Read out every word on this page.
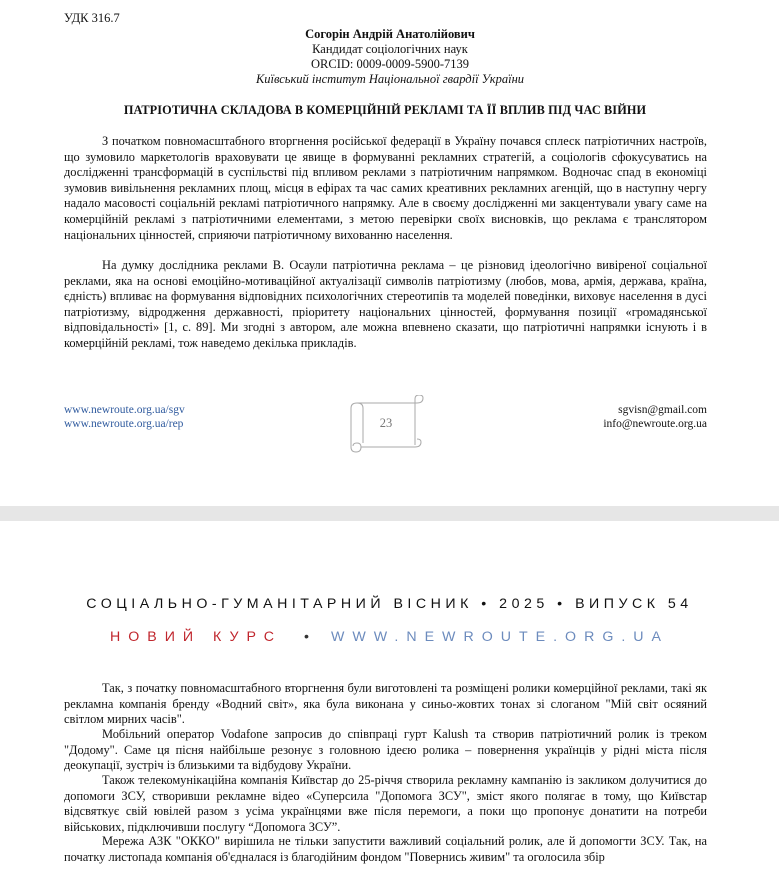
УДК 316.7
Согорін Андрій Анатолійович
Кандидат соціологічних наук
ORCID: 0009-0009-5900-7139
Київський інститут Національної гвардії України
ПАТРІОТИЧНА СКЛАДОВА В КОМЕРЦІЙНІЙ РЕКЛАМІ ТА ЇЇ ВПЛИВ ПІД ЧАС ВІЙНИ

З початком повномасштабного вторгнення російської федерації в Україну почався сплеск патріотичних настроїв, що зумовило маркетологів враховувати це явище в формуванні рекламних стратегій, а соціологів сфокусуватись на дослідженні трансформацій в суспільстві під впливом реклами з патріотичним напрямком. Водночас спад в економіці зумовив вивільнення рекламних площ, місця в ефірах та час самих креативних рекламних агенцій, що в наступну чергу надало масовості соціальній рекламі патріотичного напрямку. Але в своєму дослідженні ми закцентували увагу саме на комерційній рекламі з патріотичними елементами, з метою перевірки своїх висновків, що реклама є транслятором національних цінностей, сприяючи патріотичному вихованню населення.

На думку дослідника реклами В. Осаули патріотична реклама – це різновид ідеологічно вивіреної соціальної реклами, яка на основі емоційно-мотиваційної актуалізації символів патріотизму (любов, мова, армія, держава, країна, єдність) впливає на формування відповідних психологічних стереотипів та моделей поведінки, виховує населення в дусі патріотизму, відродження державності, пріоритету національних цінностей, формування позиції «громадянської відповідальності» [1, с. 89]. Ми згодні з автором, але можна впевнено сказати, що патріотичні напрямки існують і в комерційній рекламі, тож наведемо декілька прикладів.

www.newroute.org.ua/sgv
www.newroute.org.ua/rep	23
sgvisn@gmail.com
info@newroute.org.ua
СОЦІАЛЬНО-ГУМАНІТАРНИЙ ВІСНИК • 2025 • ВИПУСК 54
НОВИЙ КУРС • WWW.NEWROUTE.ORG.UA

Так, з початку повномасштабного вторгнення були виготовлені та розміщені ролики комерційної реклами, такі як рекламна компанія бренду «Водний світ», яка була виконана у синьо-жовтих тонах зі слоганом "Мій світ осяяний світлом мирних часів".

Мобільний оператор Vodafone запросив до співпраці гурт Kalush та створив патріотичний ролик із треком "Додому". Саме ця пісня найбільше резонує з головною ідеєю ролика – повернення українців у рідні міста після деокупації, зустріч із близькими та відбудову України.

Також телекомунікаційна компанія Київстар до 25-річчя створила рекламну кампанію із закликом долучитися до допомоги ЗСУ, створивши рекламне відео «Суперсила "Допомога ЗСУ", зміст якого полягає в тому, що Київстар відсвяткує свій ювілей разом з усіма українцями вже після перемоги, а поки що пропонує донатити на потреби військових, підключивши послугу “Допомога ЗСУ”.

Мережа АЗК "ОККО" вирішила не тільки запустити важливий соціальний ролик, але й допомогти ЗСУ. Так, на початку листопада компанія об'єдналася із благодійним фондом "Повернись живим" та оголосила збір
